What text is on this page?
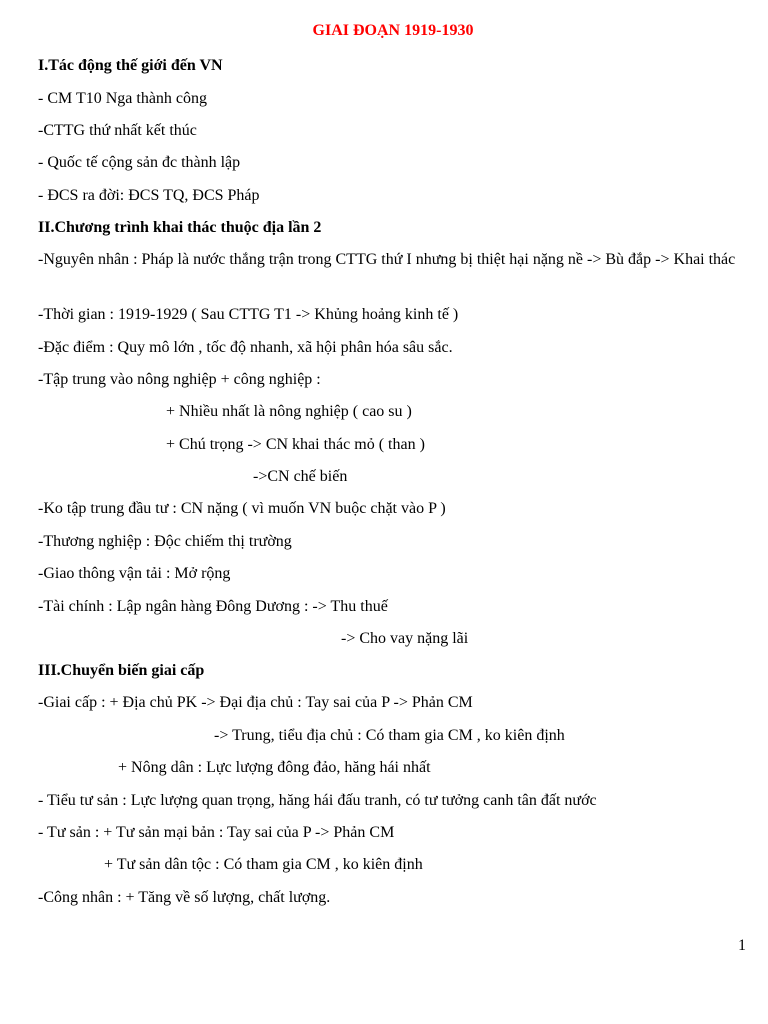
GIAI ĐOẠN 1919-1930
I.Tác động thế giới đến VN
- CM T10 Nga thành công
-CTTG thứ nhất kết thúc
- Quốc tế cộng sản đc thành lập
- ĐCS ra đời: ĐCS TQ, ĐCS Pháp
II.Chương trình khai thác thuộc địa lần 2
-Nguyên nhân : Pháp là nước thắng trận trong CTTG thứ I nhưng bị thiệt hại nặng nề -> Bù đắp -> Khai thác
-Thời gian : 1919-1929 ( Sau CTTG T1 -> Khủng hoảng kinh tế )
-Đặc điểm : Quy mô lớn , tốc độ nhanh, xã hội phân hóa sâu sắc.
-Tập trung vào nông nghiệp + công nghiệp :
+ Nhiều nhất là nông nghiệp ( cao su )
+ Chú trọng -> CN khai thác mỏ ( than )
->CN chế biến
-Ko tập trung đầu tư : CN nặng ( vì muốn VN buộc chặt vào P )
-Thương nghiệp : Độc chiếm thị trường
-Giao thông vận tải : Mở rộng
-Tài chính : Lập ngân hàng Đông Dương : -> Thu thuế
-> Cho vay nặng lãi
III.Chuyển biến giai cấp
-Giai cấp : + Địa chủ PK -> Đại địa chủ : Tay sai của P -> Phản CM
-> Trung, tiểu địa chủ : Có tham gia CM , ko kiên định
+ Nông dân : Lực lượng đông đảo, hăng hái nhất
- Tiểu tư sản : Lực lượng quan trọng, hăng hái đấu tranh, có tư tưởng canh tân đất nước
- Tư sản : + Tư sản mại bản : Tay sai của P -> Phản CM
+ Tư sản dân tộc : Có tham gia CM , ko kiên định
-Công nhân : + Tăng về số lượng, chất lượng.
1
